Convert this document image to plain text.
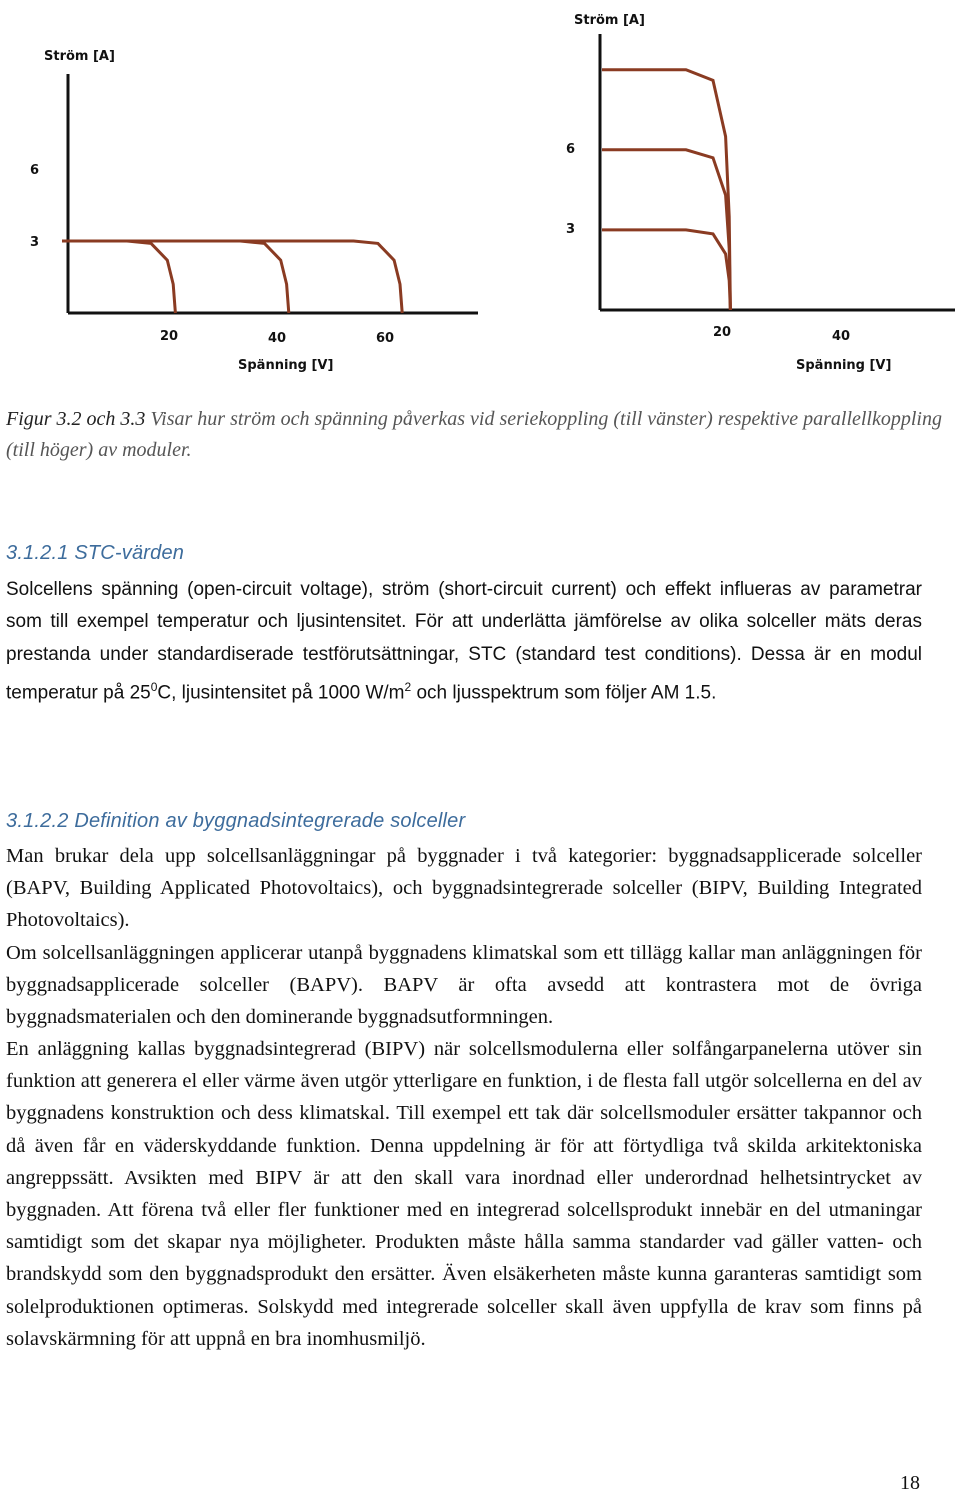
Ström [A]
6
3
20	40	60
Spänning [V]
Ström [A]
6
3
20	40
Spänning [V]
Figur 3.2 och 3.3 Visar hur ström och spänning påverkas vid seriekoppling (till vänster) respektive parallellkoppling (till höger) av moduler.
3.1.2.1 STC-värden
Solcellens spänning (open-circuit voltage), ström (short-circuit current) och effekt influeras av parametrar som till exempel temperatur och ljusintensitet. För att underlätta jämförelse av olika solceller mäts deras prestanda under standardiserade testförutsättningar, STC (standard test conditions). Dessa är en modul temperatur på $25^0C$, ljusintensitet på 1000 $W/m^2$ och ljusspektrum som följer AM 1.5.
3.1.2.2 Definition av byggnadsintegrerade solceller
Man brukar dela upp solcellsanläggningar på byggnader i två kategorier: byggnadsapplicerade solceller (BAPV, Building Applicated Photovoltaics), och byggnadsintegrerade solceller (BIPV, Building Integrated Photovoltaics).
Om solcellsanläggningen applicerar utanpå byggnadens klimatskal som ett tillägg kallar man anläggningen för byggnadsapplicerade solceller (BAPV). BAPV är ofta avsedd att kontrastera mot de övriga byggnadsmaterialen och den dominerande byggnadsutformningen.
En anläggning kallas byggnadsintegrerad (BIPV) när solcellsmodulerna eller solfångarpanelerna utöver sin funktion att generera el eller värme även utgör ytterligare en funktion, i de flesta fall utgör solcellerna en del av byggnadens konstruktion och dess klimatskal. Till exempel ett tak där solcellsmoduler ersätter takpannor och då även får en väderskyddande funktion. Denna uppdelning är för att förtydliga två skilda arkitektoniska angreppssätt. Avsikten med BIPV är att den skall vara inordnad eller underordnad helhetsintrycket av byggnaden. Att förena två eller fler funktioner med en integrerad solcellsprodukt innebär en del utmaningar samtidigt som det skapar nya möjligheter. Produkten måste hålla samma standarder vad gäller vatten- och brandskydd som den byggnadsprodukt den ersätter. Även elsäkerheten måste kunna garanteras samtidigt som solelproduktionen optimeras. Solskydd med integrerade solceller skall även uppfylla de krav som finns på solavskärmning för att uppnå en bra inomhusmiljö.
18
